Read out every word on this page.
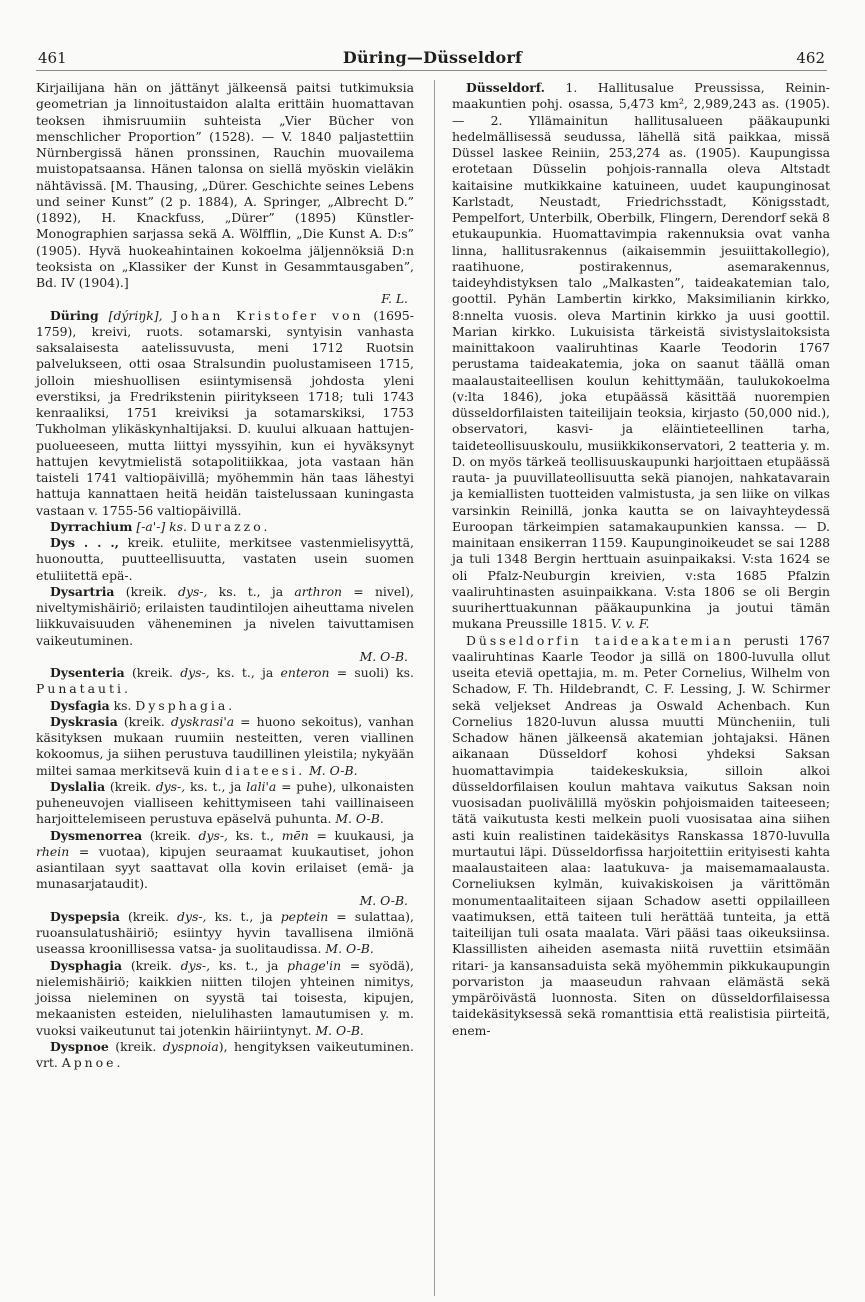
461	Düring—Düsseldorf	462

Kirjailijana hän on jättänyt jälkeensä paitsi tutkimuksia geometrian ja linnoitustaidon alalta erittäin huomattavan teoksen ihmisruumiin suhteista „Vier Bücher von menschlicher Proportion” (1528). — V. 1840 paljastettiin Nürnbergissä hänen pronssinen, Rauchin muovailema muistopatsaansa. Hänen talonsa on siellä myöskin vieläkin nähtävissä. [M. Thausing, „Dürer. Geschichte seines Lebens und seiner Kunst” (2 p. 1884), A. Springer, „Albrecht D.” (1892), H. Knackfuss, „Dürer” (1895) Künstler-Monographien sarjassa sekä A. Wölfflin, „Die Kunst A. D:s” (1905). Hyvä huokeahintainen kokoelma jäljennöksiä D:n teoksista on „Klassiker der Kunst in Gesammtausgaben”, Bd. IV (1904).]

F. L.

Düring [dýriŋk], Johan Kristofer von (1695-1759), kreivi, ruots. sotamarski, syntyisin vanhasta saksalaisesta aatelissuvusta, meni 1712 Ruotsin palvelukseen, otti osaa Stralsundin puolustamiseen 1715, jolloin mieshuollisen esiintymisensä johdosta yleni everstiksi, ja Fredrikstenin piiritykseen 1718; tuli 1743 kenraaliksi, 1751 kreiviksi ja sotamarskiksi, 1753 Tukholman ylikäskynhaltijaksi. D. kuului alkuaan hattujen-puolueeseen, mutta liittyi myssyihin, kun ei hyväksynyt hattujen kevytmielistä sotapolitiikkaa, jota vastaan hän taisteli 1741 valtiopäivillä; myöhemmin hän taas lähestyi hattuja kannattaen heitä heidän taistelussaan kuningasta vastaan v. 1755-56 valtiopäivillä.

Dyrrachium [-a'-] ks. Durazzo.

Dys . . ., kreik. etuliite, merkitsee vastenmielisyyttä, huonoutta, puutteellisuutta, vastaten usein suomen etuliitettä epä-.

Dysartria (kreik. dys-, ks. t., ja arthron = nivel), niveltymishäiriö; erilaisten taudintilojen aiheuttama nivelen liikkuvaisuuden väheneminen ja nivelen taivuttamisen vaikeutuminen.

M. O-B.

Dysenteria (kreik. dys-, ks. t., ja enteron = suoli) ks. Punatauti.

Dysfagia ks. Dysphagia.

Dyskrasia (kreik. dyskrasi'a = huono sekoitus), vanhan käsityksen mukaan ruumiin nesteitten, veren viallinen kokoomus, ja siihen perustuva taudillinen yleistila; nykyään miltei samaa merkitsevä kuin diateesi. M. O-B.

Dyslalia (kreik. dys-, ks. t., ja lali'a = puhe), ulkonaisten puheneuvojen vialliseen kehittymiseen tahi vaillinaiseen harjoittelemiseen perustuva epäselvä puhunta. M. O-B.

Dysmenorrea (kreik. dys-, ks. t., mēn = kuukausi, ja rhein = vuotaa), kipujen seuraamat kuukautiset, johon asiantilaan syyt saattavat olla kovin erilaiset (emä- ja munasarjataudit).

M. O-B.

Dyspepsia (kreik. dys-, ks. t., ja peptein = sulattaa), ruoansulatushäiriö; esiintyy hyvin tavallisena ilmiönä useassa kroonillisessa vatsa- ja suolitaudissa. M. O-B.

Dysphagia (kreik. dys-, ks. t., ja phage'in = syödä), nielemishäiriö; kaikkien niitten tilojen yhteinen nimitys, joissa nieleminen on syystä tai toisesta, kipujen, mekaanisten esteiden, nielulihasten lamautumisen y. m. vuoksi vaikeutunut tai jotenkin häiriintynyt. M. O-B.

Dyspnoe (kreik. dyspnoia), hengityksen vaikeutuminen. vrt. Apnoe.

Düsseldorf. 1. Hallitusalue Preussissa, Reinin-maakuntien pohj. osassa, 5,473 km², 2,989,243 as. (1905). — 2. Yllämainitun hallitusalueen pääkaupunki hedelmällisessä seudussa, lähellä sitä paikkaa, missä Düssel laskee Reiniin, 253,274 as. (1905). Kaupungissa erotetaan Düsselin pohjois-rannalla oleva Altstadt kaitaisine mutkikkaine katuineen, uudet kaupunginosat Karlstadt, Neustadt, Friedrichsstadt, Königsstadt, Pempelfort, Unterbilk, Oberbilk, Flingern, Derendorf sekä 8 etukaupunkia. Huomattavimpia rakennuksia ovat vanha linna, hallitusrakennus (aikaisemmin jesuiittakollegio), raatihuone, postirakennus, asemarakennus, taideyhdistyksen talo „Malkasten”, taideakatemian talo, goottil. Pyhän Lambertin kirkko, Maksimilianin kirkko, 8:nnelta vuosis. oleva Martinin kirkko ja uusi goottil. Marian kirkko. Lukuisista tärkeistä sivistyslaitoksista mainittakoon vaaliruhtinas Kaarle Teodorin 1767 perustama taideakatemia, joka on saanut täällä oman maalaustaiteellisen koulun kehittymään, taulukokoelma (v:lta 1846), joka etupäässä käsittää nuorempien düsseldorfilaisten taiteilijain teoksia, kirjasto (50,000 nid.), observatori, kasvi- ja eläintieteellinen tarha, taideteollisuuskoulu, musiikkikonservatori, 2 teatteria y. m. D. on myös tärkeä teollisuuskaupunki harjoittaen etupäässä rauta- ja puuvillateollisuutta sekä pianojen, nahkatavarain ja kemiallisten tuotteiden valmistusta, ja sen liike on vilkas varsinkin Reinillä, jonka kautta se on laivayhteydessä Euroopan tärkeimpien satamakaupunkien kanssa. — D. mainitaan ensikerran 1159. Kaupunginoikeudet se sai 1288 ja tuli 1348 Bergin herttuain asuinpaikaksi. V:sta 1624 se oli Pfalz-Neuburgin kreivien, v:sta 1685 Pfalzin vaaliruhtinasten asuinpaikkana. V:sta 1806 se oli Bergin suuriherttuakunnan pääkaupunkina ja joutui tämän mukana Preussille 1815. V. v. F.

Düsseldorfin taideakatemian perusti 1767 vaaliruhtinas Kaarle Teodor ja sillä on 1800-luvulla ollut useita eteviä opettajia, m. m. Peter Cornelius, Wilhelm von Schadow, F. Th. Hildebrandt, C. F. Lessing, J. W. Schirmer sekä veljekset Andreas ja Oswald Achenbach. Kun Cornelius 1820-luvun alussa muutti Müncheniin, tuli Schadow hänen jälkeensä akatemian johtajaksi. Hänen aikanaan Düsseldorf kohosi yhdeksi Saksan huomattavimpia taidekeskuksia, silloin alkoi düsseldorfilaisen koulun mahtava vaikutus Saksan noin vuosisadan puolivälillä myöskin pohjoismaiden taiteeseen; tätä vaikutusta kesti melkein puoli vuosisataa aina siihen asti kuin realistinen taidekäsitys Ranskassa 1870-luvulla murtautui läpi. Düsseldorfissa harjoitettiin erityisesti kahta maalaustaiteen alaa: laatukuva- ja maisemamaalausta. Corneliuksen kylmän, kuivakiskoisen ja värittömän monumentaalitaiteen sijaan Schadow asetti oppilailleen vaatimuksen, että taiteen tuli herättää tunteita, ja että taiteilijan tuli osata maalata. Väri pääsi taas oikeuksiinsa. Klassillisten aiheiden asemasta niitä ruvettiin etsimään ritari- ja kansansaduista sekä myöhemmin pikkukaupungin porvariston ja maaseudun rahvaan elämästä sekä ympäröivästä luonnosta. Siten on düsseldorfilaisessa taidekäsityksessä sekä romanttisia että realistisia piirteitä, enem-
